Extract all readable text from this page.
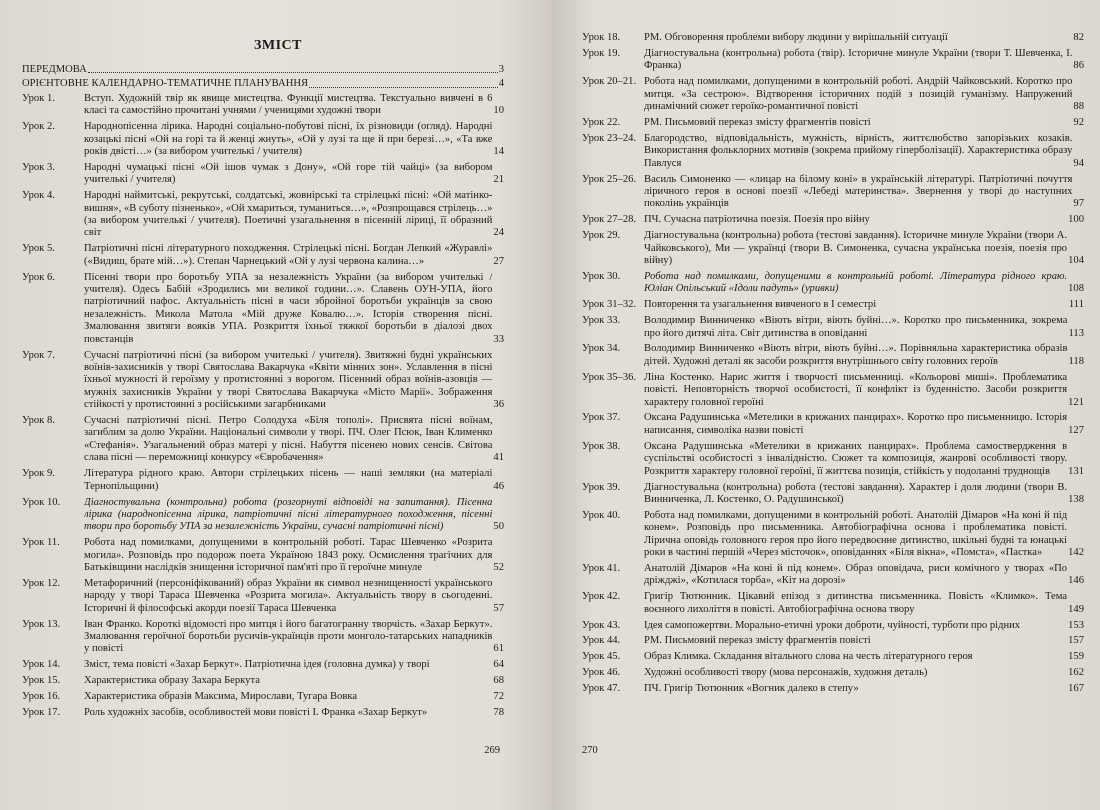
ЗМІСТ
ПЕРЕДМОВА	3
ОРІЄНТОВНЕ КАЛЕНДАРНО-ТЕМАТИЧНЕ ПЛАНУВАННЯ	4
Урок 1.	Вступ. Художній твір як явище мистецтва. Функції мистецтва. Текстуально вивчені в 6 класі та самостійно прочитані учнями / ученицями художні твори	10
Урок 2.	Народнопісенна лірика. Народні соціально-побутові пісні, їх різновиди (огляд). Народні козацькі пісні «Ой на горі та й женці жнуть», «Ой у лузі та ще й при березі…», «Та вже років двісті…» (за вибором учителькі / учителя)	14
Урок 3.	Народні чумацькі пісні «Ой ішов чумак з Дону», «Ой горе тій чайці» (за вибором учителькі / учителя)	21
Урок 4.	Народні наймитські, рекрутські, солдатські, жовнірські та стрілецькі пісні: «Ой матінко-вишня», «В суботу пізненько», «Ой хмариться, туманиться…», «Розпрощався стрілець…» (за вибором учителькі / учителя). Поетичні узагальнення в пісенній ліриці, її образний світ	24
Урок 5.	Патріотичні пісні літературного походження. Стрілецькі пісні. Богдан Лепкий «Журавлі» («Видиш, брате мій…»). Степан Чарнецький «Ой у лузі червона калина…»	27
Урок 6.	Пісенні твори про боротьбу УПА за незалежність України (за вибором учителькі / учителя). Одесь Бабій «Зродились ми великої години…». Славень ОУН-УПА, його патріотичний пафос. Актуальність пісні в часи збройної боротьби українців за свою незалежність. Микола Матола «Мій друже Ковалю…». Історія створення пісні. Змалювання звитяги вояків УПА. Розкриття їхньої тяжкої боротьби в діалозі двох повстанців	33
Урок 7.	Сучасні патріотичні пісні (за вибором учителькі / учителя). Звитяжні будні українських воїнів-захисників у творі Святослава Вакарчука «Квіти мінних зон». Уславлення в пісні їхньої мужності й героїзму у протистоянні з ворогом. Пісенний образ воїнів-азовців — мужніх захисників України у творі Святослава Вакарчука «Місто Марії». Зображення стійкості у протистоянні з російськими загарбниками	36
Урок 8.	Сучасні патріотичні пісні. Петро Солодуха «Біля тополі». Присвята пісні воїнам, загиблим за долю України. Національні символи у творі. ПЧ. Олег Псюк, Іван Клименко «Стефанія». Узагальнений образ матері у пісні. Набуття пісенею нових сенсів. Світова слава пісні — переможниці конкурсу «Євробачення»	41
Урок 9.	Література рідного краю. Автори стрілецьких пісень — наші земляки (на матеріалі Тернопільщини)	46
Урок 10.	Діагностувальна (контрольна) робота (розгорнуті відповіді на запитання). Пісенна лірика (народнопісенна лірика, патріотичні пісні літературного походження, пісенні твори про боротьбу УПА за незалежність України, сучасні патріотичні пісні)	50
Урок 11.	Робота над помилками, допущеними в контрольній роботі. Тарас Шевченко «Розрита могила». Розповідь про подорож поета Україною 1843 року. Осмислення трагічних для Батьківщини наслідків знищення історичної пам'яті про її героїчне минуле	52
Урок 12.	Метафоричний (персоніфікований) образ України як символ незнищенності українського народу у творі Тараса Шевченка «Розрита могила». Актуальність твору в сьогоденні. Історичні й філософські акорди поезії Тараса Шевченка	57
Урок 13.	Іван Франко. Короткі відомості про митця і його багатогранну творчість. «Захар Беркут». Змалювання героїчної боротьби русичів-українців проти монголо-татарських нападників у повісті	61
Урок 14.	Зміст, тема повісті «Захар Беркут». Патріотична ідея (головна думка) у творі	64
Урок 15.	Характеристика образу Захара Беркута	68
Урок 16.	Характеристика образів Максима, Мирослави, Тугара Вовка	72
Урок 17.	Роль художніх засобів, особливостей мови повісті І. Франка «Захар Беркут»	78
269
Урок 18.	РМ. Обговорення проблеми вибору людини у вирішальній ситуації	82
Урок 19.	Діагностувальна (контрольна) робота (твір). Історичне минуле України (твори Т. Шевченка, І. Франка)	86
Урок 20–21. Робота над помилками, допущеними в контрольній роботі. Андрій Чайковський. Коротко про митця. «За сестрою». Відтворення історичних подій з позицій гуманізму. Напружений динамічний сюжет героїко-романтичної повісті	88
Урок 22.	РМ. Письмовий переказ змісту фрагментів повісті	92
Урок 23–24. Благородство, відповідальність, мужність, вірність, життєлюбство запорізьких козаків. Використання фольклорних мотивів (зокрема прийому гіперболізації). Характеристика образу Павлуся	94
Урок 25–26. Василь Симоненко — «лицар на білому коні» в українській літературі. Патріотичні почуття ліричного героя в основі поезії «Лебеді материнства». Звернення у творі до наступних поколінь українців	97
Урок 27–28. ПЧ. Сучасна патріотична поезія. Поезія про війну	100
Урок 29.	Діагностувальна (контрольна) робота (тестові завдання). Історичне минуле України (твори А. Чайковського), Ми — українці (твори В. Симоненка, сучасна українська поезія, поезія про війну)	104
Урок 30.	Робота над помилками, допущеними в контрольній роботі. Література рідного краю. Юліан Опільський «Ідоли падуть» (уривки)	108
Урок 31–32. Повторення та узагальнення вивченого в І семестрі	111
Урок 33.	Володимир Винниченко «Віють вітри, віють буйні…». Коротко про письменника, зокрема про його дитячі літа. Світ дитинства в оповіданні	113
Урок 34.	Володимир Винниченко «Віють вітри, віють буйні…». Порівняльна характеристика образів дітей. Художні деталі як засоби розкриття внутрішнього світу головних героїв	118
Урок 35–36. Ліна Костенко. Нарис життя і творчості письменниці. «Кольорові миші». Проблематика повісті. Неповторність творчої особистості, її конфлікт із буденністю. Засоби розкриття характеру головної героїні	121
Урок 37.	Оксана Радушинська «Метелики в крижаних панцирах». Коротко про письменницю. Історія написання, символіка назви повісті	127
Урок 38.	Оксана Радушинська «Метелики в крижаних панцирах». Проблема самоствердження в суспільстві особистості з інвалідністю. Сюжет та композиція, жанрові особливості твору. Розкриття характеру головної героїні, її життєва позиція, стійкість у подоланні труднощів	131
Урок 39.	Діагностувальна (контрольна) робота (тестові завдання). Характер і доля людини (твори В. Винниченка, Л. Костенко, О. Радушинської)	138
Урок 40.	Робота над помилками, допущеними в контрольній роботі. Анатолій Дімаров «На коні й під конем». Розповідь про письменника. Автобіографічна основа і проблематика повісті. Лірична оповідь головного героя про його передвоєнне дитинство, шкільні будні та юнацькі роки в частині першій «Через місточок», оповіданнях «Біля вікна», «Помста», «Пастка»	142
Урок 41.	Анатолій Дімаров «На коні й під конем». Образ оповідача, риси комічного у творах «По дріжджі», «Котилася торба», «Кіт на дорозі»	146
Урок 42.	Григір Тютюнник. Цікавий епізод з дитинства письменника. Повість «Климко». Тема воєнного лихоліття в повісті. Автобіографічна основа твору	149
Урок 43.	Ідея самопожертви. Морально-етичні уроки доброти, чуйності, турботи про рідних	153
Урок 44.	РМ. Письмовий переказ змісту фрагментів повісті	157
Урок 45.	Образ Климка. Складання вітального слова на честь літературного героя	159
Урок 46.	Художні особливості твору (мова персонажів, художня деталь)	162
Урок 47.	ПЧ. Григір Тютюнник «Вогник далеко в степу»	167
270
